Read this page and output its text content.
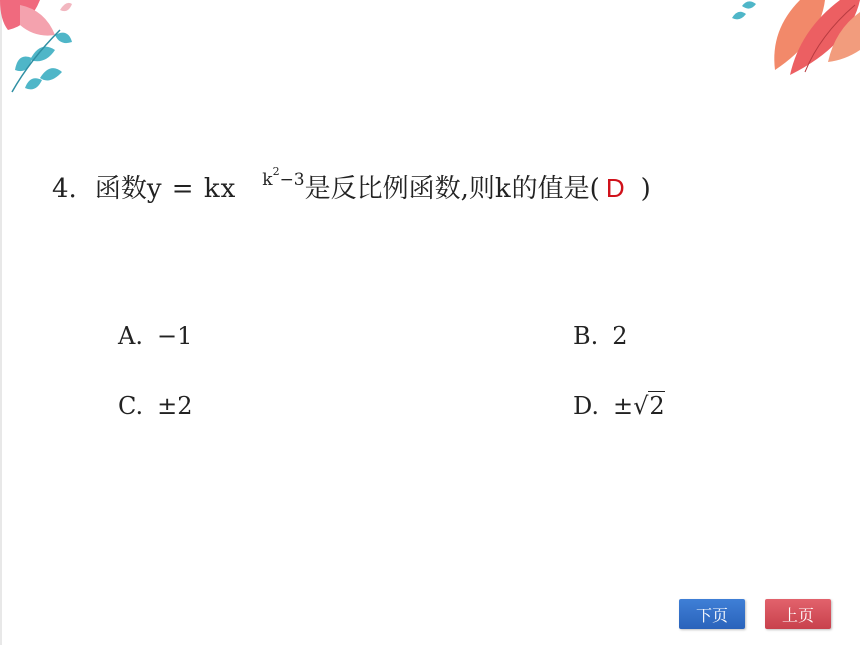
4. 函数y = kx $k^2-3$是反比例函数,则k的值是( D )
A. −1	B. 2
C. ±2	D. ±√2
下页	上页
